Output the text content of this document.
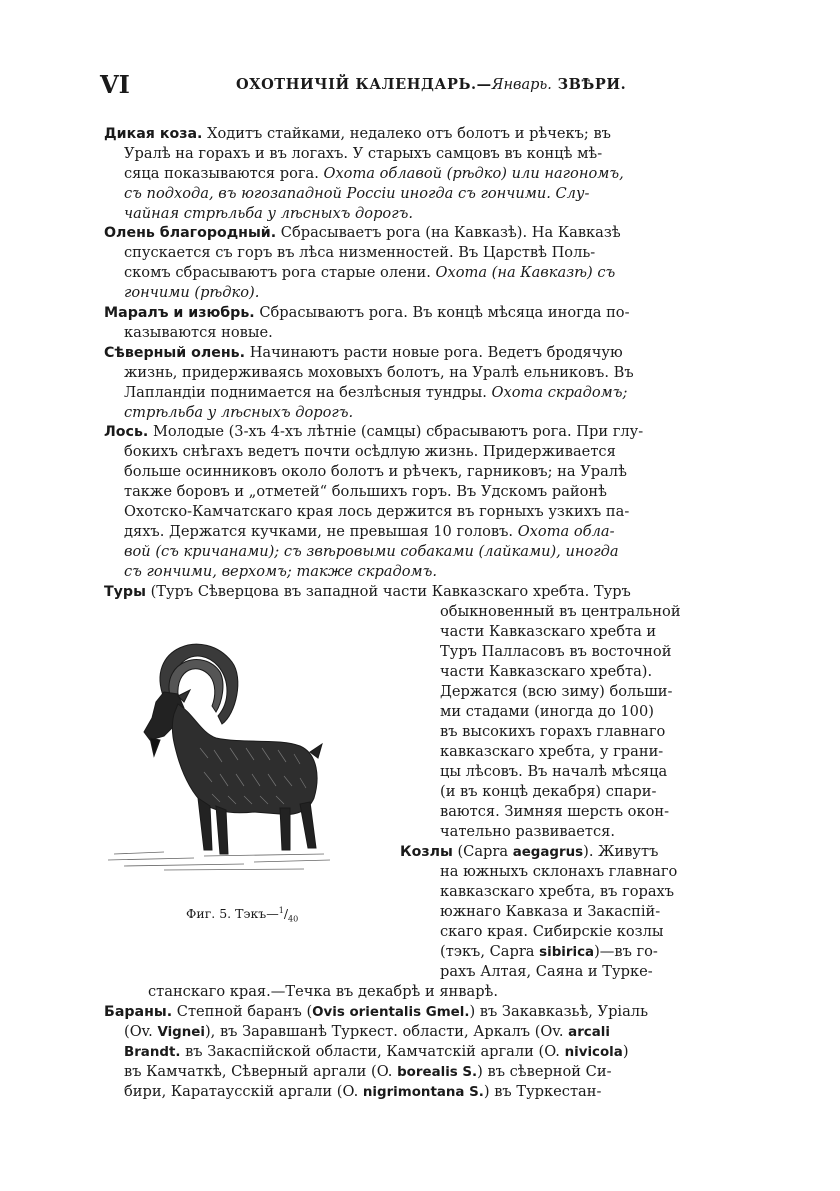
VI	ОХОТНИЧІЙ КАЛЕНДАРЬ.—Январь. ЗВѢРИ.
Дикая коза. Ходитъ стайками, недалеко отъ болотъ и рѣчекъ; въ
Уралѣ на горахъ и въ логахъ. У старыхъ самцовъ въ концѣ мѣ-
сяца показываются рога. Охота облавой (рѣдко) или нагономъ,
съ подхода, въ югозападной Россіи иногда съ гончими. Слу-
чайная стрѣльба у лѣсныхъ дорогъ.
Олень благородный. Сбрасываетъ рога (на Кавказѣ). На Кавказѣ
спускается съ горъ въ лѣса низменностей. Въ Царствѣ Поль-
скомъ сбрасываютъ рога старые олени. Охота (на Кавказѣ) съ
гончими (рѣдко).
Маралъ и изюбрь. Сбрасываютъ рога. Въ концѣ мѣсяца иногда по-
казываются новые.
Сѣверный олень. Начинаютъ расти новые рога. Ведетъ бродячую
жизнь, придерживаясь моховыхъ болотъ, на Уралѣ ельниковъ. Въ
Лапландіи поднимается на безлѣсныя тундры. Охота скрадомъ;
стрѣльба у лѣсныхъ дорогъ.
Лось. Молодые (3-хъ 4-хъ лѣтніе (самцы) сбрасываютъ рога. При глу-
бокихъ снѣгахъ ведетъ почти осѣдлую жизнь. Придерживается
больше осинниковъ около болотъ и рѣчекъ, гарниковъ; на Уралѣ
также боровъ и „отметей“ большихъ горъ. Въ Удскомъ районѣ
Охотско-Камчатскаго края лось держится въ горныхъ узкихъ па-
дяхъ. Держатся кучками, не превышая 10 головъ. Охота обла-
вой (съ кричанами); съ звѣровыми собаками (лайками), иногда
съ гончими, верхомъ; также скрадомъ.
Туры (Туръ Сѣверцова въ западной части Кавказскаго хребта. Туръ
обыкновенный въ центральной
части Кавказскаго хребта и
Туръ Палласовъ въ восточной
части Кавказскаго хребта).
Держатся (всю зиму) больши-
ми стадами (иногда до 100)
въ высокихъ горахъ главнаго
кавказскаго хребта, у грани-
цы лѣсовъ. Въ началѣ мѣсяца
(и въ концѣ декабря) спари-
ваются. Зимняя шерсть окон-
чательно развивается.
Фиг. 5. $Тэкъ—^1/_{40}$
Козлы (Capra aegagrus). Живутъ
на южныхъ склонахъ главнаго
кавказскаго хребта, въ горахъ
южнаго Кавказа и Закаспій-
скаго края. Сибирскіе козлы
(тэкъ, Capra sibirica)—въ го-
рахъ Алтая, Саяна и Турке-
станскаго края.—Течка въ декабрѣ и январѣ.
Бараны. Степной баранъ (Ovis orientalis Gmel.) въ Закавказьѣ, Уріаль
(Ov. Vignei), въ Заравшанѣ Туркест. области, Аркалъ (Ov. arcali
Brandt. въ Закаспійской области, Камчатскій аргали (O. nivicola)
въ Камчаткѣ, Сѣверный аргали (O. borealis S.) въ сѣверной Си-
бири, Каратаусскій аргали (O. nigrimontana S.) въ Туркестан-
